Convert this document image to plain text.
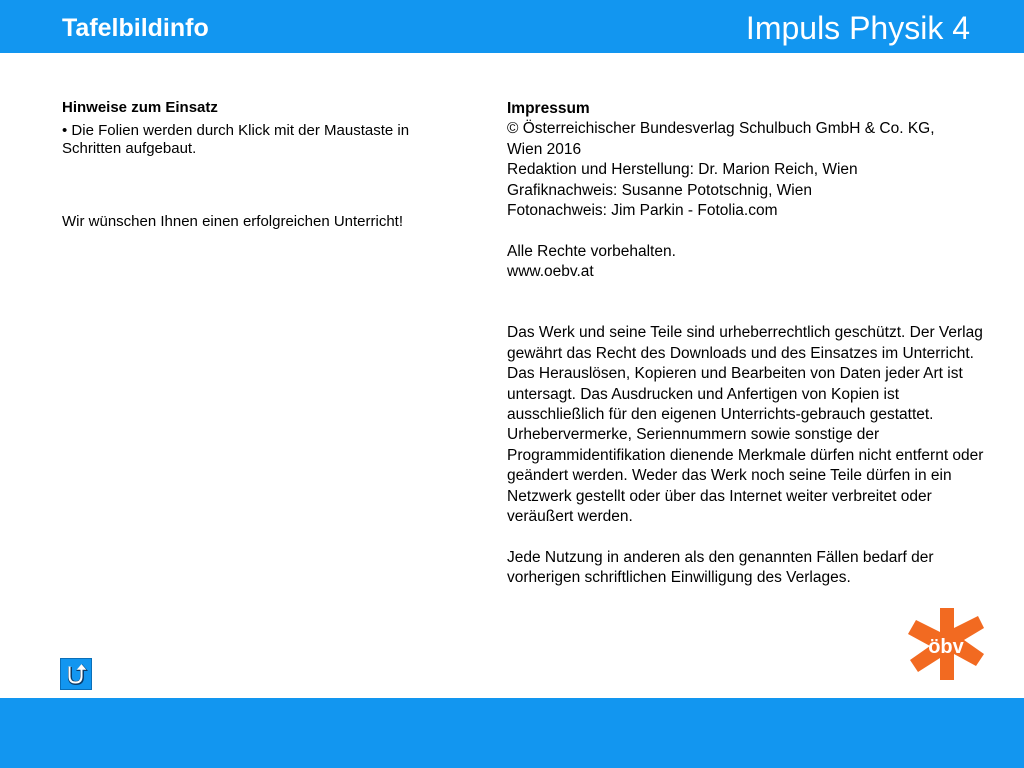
Tafelbildinfo	Impuls Physik 4
Hinweise zum Einsatz

• Die Folien werden durch Klick mit der Maustaste in Schritten aufgebaut.

Wir wünschen Ihnen einen erfolgreichen Unterricht!

Impressum
© Österreichischer Bundesverlag Schulbuch GmbH & Co. KG,
Wien 2016
Redaktion und Herstellung: Dr. Marion Reich, Wien
Grafiknachweis: Susanne Pototschnig, Wien
Fotonachweis: Jim Parkin - Fotolia.com
Alle Rechte vorbehalten.
www.oebv.at
Das Werk und seine Teile sind urheberrechtlich geschützt. Der Verlag gewährt das Recht des Downloads und des Einsatzes im Unterricht. Das Herauslösen, Kopieren und Bearbeiten von Daten jeder Art ist untersagt. Das Ausdrucken und Anfertigen von Kopien ist ausschließlich für den eigenen Unterrichts-gebrauch gestattet. Urhebervermerke, Seriennummern sowie sonstige der Programmidentifikation dienende Merkmale dürfen nicht entfernt oder geändert werden. Weder das Werk noch seine Teile dürfen in ein Netzwerk gestellt oder über das Internet weiter verbreitet oder veräußert werden.
Jede Nutzung in anderen als den genannten Fällen bedarf der vorherigen schriftlichen Einwilligung des Verlages.
öbv
